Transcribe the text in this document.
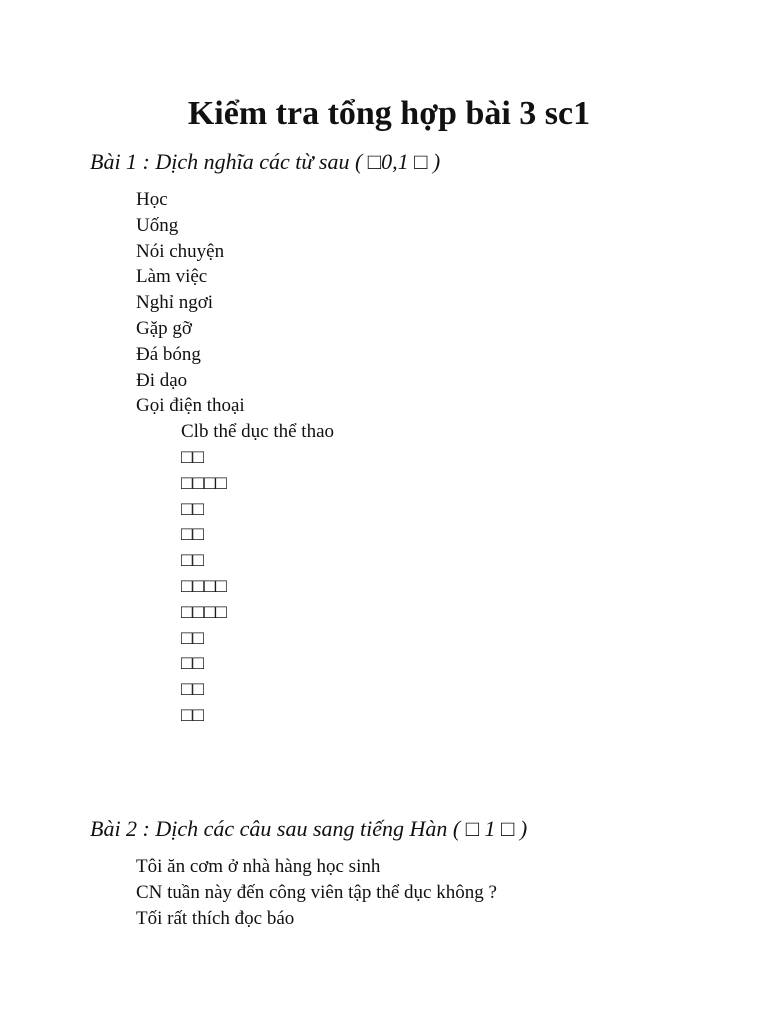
Kiểm tra tổng hợp bài 3 sc1

Bài 1 : Dịch nghĩa các từ sau ( □0,1 □ )

Học
Uống
Nói chuyện
Làm việc
Nghỉ ngơi
Gặp gỡ
Đá bóng
Đi dạo
Gọi điện thoại
Clb thể dục thể thao
□□
□□□□
□□
□□
□□
□□□□
□□□□
□□
□□
□□
□□

Bài 2 : Dịch các câu sau sang tiếng Hàn ( □ 1 □ )

Tôi ăn cơm ở nhà hàng học sinh
CN tuần này đến công viên tập thể dục không ?
Tối rất thích đọc báo
